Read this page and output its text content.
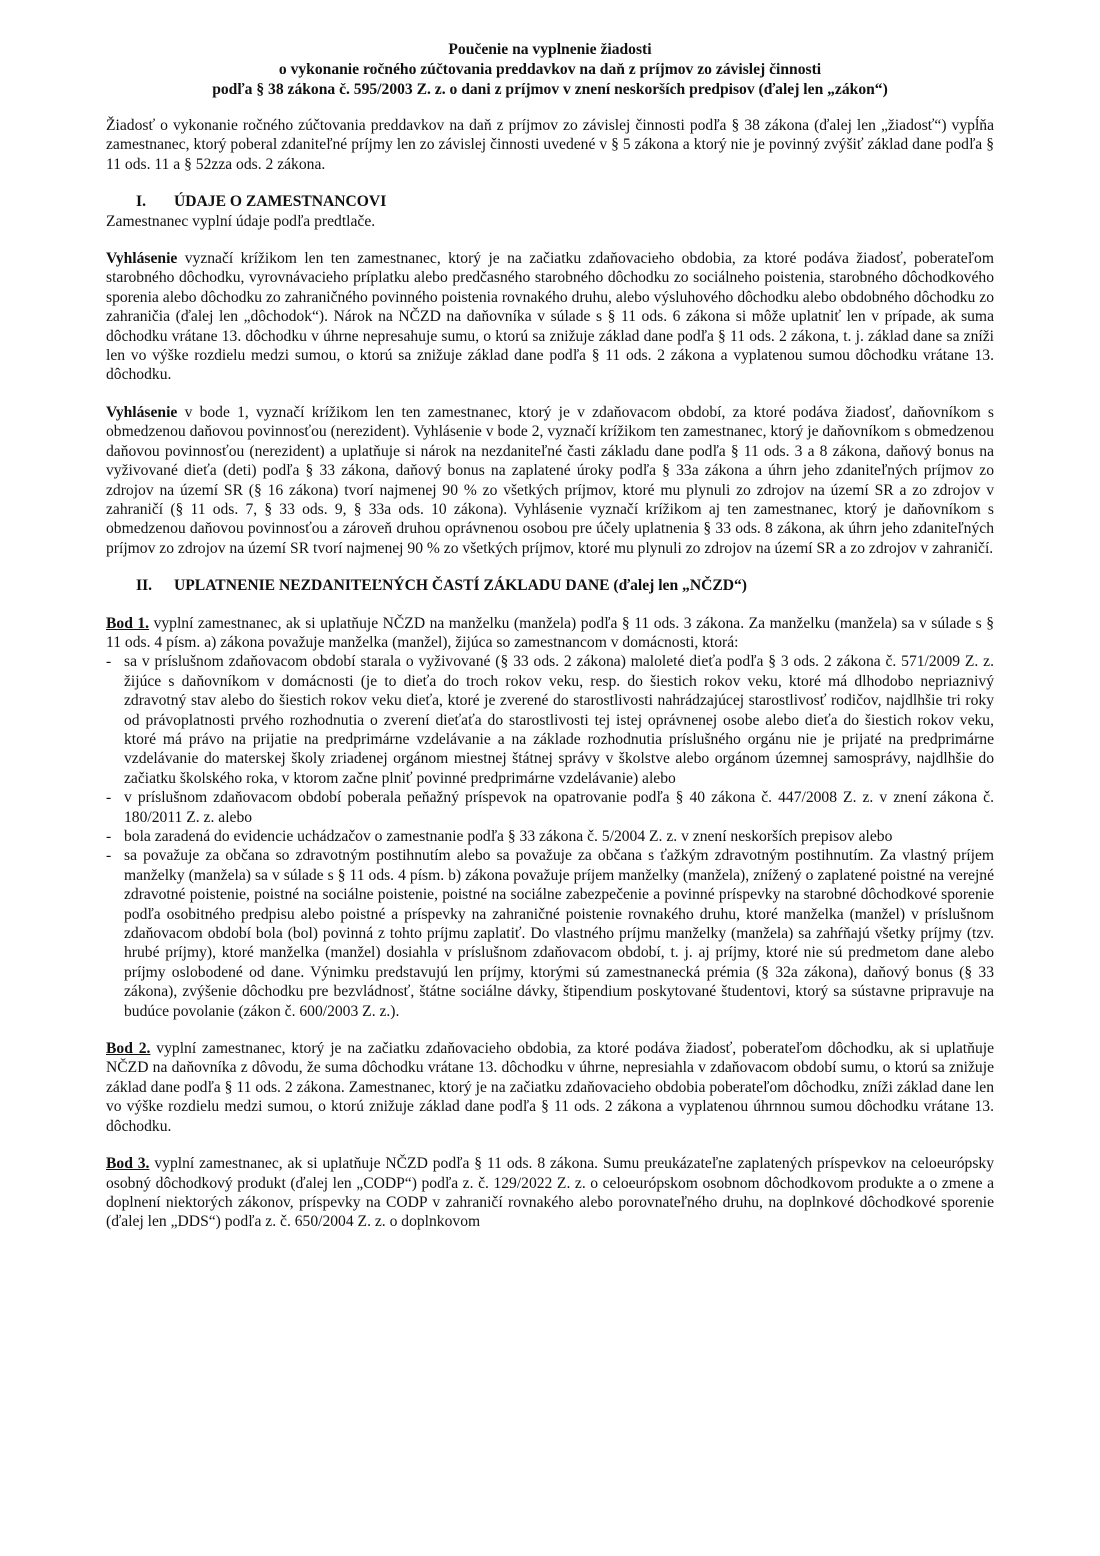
Poučenie na vyplnenie žiadosti
o vykonanie ročného zúčtovania preddavkov na daň z príjmov zo závislej činnosti
podľa § 38 zákona č. 595/2003 Z. z. o dani z príjmov v znení neskorších predpisov (ďalej len „zákon“)

Žiadosť o vykonanie ročného zúčtovania preddavkov na daň z príjmov zo závislej činnosti podľa § 38 zákona (ďalej len „žiadosť“) vypĺňa zamestnanec, ktorý poberal zdaniteľné príjmy len zo závislej činnosti uvedené v § 5 zákona a ktorý nie je povinný zvýšiť základ dane podľa § 11 ods. 11 a § 52zza ods. 2 zákona.

I.	ÚDAJE O ZAMESTNANCOVI

Zamestnanec vyplní údaje podľa predtlače.

Vyhlásenie vyznačí krížikom len ten zamestnanec, ktorý je na začiatku zdaňovacieho obdobia, za ktoré podáva žiadosť, poberateľom starobného dôchodku, vyrovnávacieho príplatku alebo predčasného starobného dôchodku zo sociálneho poistenia, starobného dôchodkového sporenia alebo dôchodku zo zahraničného povinného poistenia rovnakého druhu, alebo výsluhového dôchodku alebo obdobného dôchodku zo zahraničia (ďalej len „dôchodok“). Nárok na NČZD na daňovníka v súlade s § 11 ods. 6 zákona si môže uplatniť len v prípade, ak suma dôchodku vrátane 13. dôchodku v úhrne nepresahuje sumu, o ktorú sa znižuje základ dane podľa § 11 ods. 2 zákona, t. j. základ dane sa zníži len vo výške rozdielu medzi sumou, o ktorú sa znižuje základ dane podľa § 11 ods. 2 zákona a vyplatenou sumou dôchodku vrátane 13. dôchodku.

Vyhlásenie v bode 1, vyznačí krížikom len ten zamestnanec, ktorý je v zdaňovacom období, za ktoré podáva žiadosť, daňovníkom s obmedzenou daňovou povinnosťou (nerezident). Vyhlásenie v bode 2, vyznačí krížikom ten zamestnanec, ktorý je daňovníkom s obmedzenou daňovou povinnosťou (nerezident) a uplatňuje si nárok na nezdaniteľné časti základu dane podľa § 11 ods. 3 a 8 zákona, daňový bonus na vyživované dieťa (deti) podľa § 33 zákona, daňový bonus na zaplatené úroky podľa § 33a zákona a úhrn jeho zdaniteľných príjmov zo zdrojov na území SR (§ 16 zákona) tvorí najmenej 90 % zo všetkých príjmov, ktoré mu plynuli zo zdrojov na území SR a zo zdrojov v zahraničí (§ 11 ods. 7, § 33 ods. 9, § 33a ods. 10 zákona). Vyhlásenie vyznačí krížikom aj ten zamestnanec, ktorý je daňovníkom s obmedzenou daňovou povinnosťou a zároveň druhou oprávnenou osobou pre účely uplatnenia § 33 ods. 8 zákona, ak úhrn jeho zdaniteľných príjmov zo zdrojov na území SR tvorí najmenej 90 % zo všetkých príjmov, ktoré mu plynuli zo zdrojov na území SR a zo zdrojov v zahraničí.

II.	UPLATNENIE NEZDANITEĽNÝCH ČASTÍ ZÁKLADU DANE (ďalej len „NČZD“)

Bod 1. vyplní zamestnanec, ak si uplatňuje NČZD na manželku (manžela) podľa § 11 ods. 3 zákona. Za manželku (manžela) sa v súlade s § 11 ods. 4 písm. a) zákona považuje manželka (manžel), žijúca so zamestnancom v domácnosti, ktorá:

- sa v príslušnom zdaňovacom období starala o vyživované (§ 33 ods. 2 zákona) maloleté dieťa podľa § 3 ods. 2 zákona č. 571/2009 Z. z. žijúce s daňovníkom v domácnosti (je to dieťa do troch rokov veku, resp. do šiestich rokov veku, ktoré má dlhodobo nepriaznivý zdravotný stav alebo do šiestich rokov veku dieťa, ktoré je zverené do starostlivosti nahrádzajúcej starostlivosť rodičov, najdlhšie tri roky od právoplatnosti prvého rozhodnutia o zverení dieťaťa do starostlivosti tej istej oprávnenej osobe alebo dieťa do šiestich rokov veku, ktoré má právo na prijatie na predprimárne vzdelávanie a na základe rozhodnutia príslušného orgánu nie je prijaté na predprimárne vzdelávanie do materskej školy zriadenej orgánom miestnej štátnej správy v školstve alebo orgánom územnej samosprávy, najdlhšie do začiatku školského roka, v ktorom začne plniť povinné predprimárne vzdelávanie) alebo
- v príslušnom zdaňovacom období poberala peňažný príspevok na opatrovanie podľa § 40 zákona č. 447/2008 Z. z. v znení zákona č. 180/2011 Z. z. alebo
- bola zaradená do evidencie uchádzačov o zamestnanie podľa § 33 zákona č. 5/2004 Z. z. v znení neskorších prepisov alebo
- sa považuje za občana so zdravotným postihnutím alebo sa považuje za občana s ťažkým zdravotným postihnutím. Za vlastný príjem manželky (manžela) sa v súlade s § 11 ods. 4 písm. b) zákona považuje príjem manželky (manžela), znížený o zaplatené poistné na verejné zdravotné poistenie, poistné na sociálne poistenie, poistné na sociálne zabezpečenie a povinné príspevky na starobné dôchodkové sporenie podľa osobitného predpisu alebo poistné a príspevky na zahraničné poistenie rovnakého druhu, ktoré manželka (manžel) v príslušnom zdaňovacom období bola (bol) povinná z tohto príjmu zaplatiť. Do vlastného príjmu manželky (manžela) sa zahŕňajú všetky príjmy (tzv. hrubé príjmy), ktoré manželka (manžel) dosiahla v príslušnom zdaňovacom období, t. j. aj príjmy, ktoré nie sú predmetom dane alebo príjmy oslobodené od dane. Výnimku predstavujú len príjmy, ktorými sú zamestnanecká prémia (§ 32a zákona), daňový bonus (§ 33 zákona), zvýšenie dôchodku pre bezvládnosť, štátne sociálne dávky, štipendium poskytované študentovi, ktorý sa sústavne pripravuje na budúce povolanie (zákon č. 600/2003 Z. z.).

Bod 2. vyplní zamestnanec, ktorý je na začiatku zdaňovacieho obdobia, za ktoré podáva žiadosť, poberateľom dôchodku, ak si uplatňuje NČZD na daňovníka z dôvodu, že suma dôchodku vrátane 13. dôchodku v úhrne, nepresiahla v zdaňovacom období sumu, o ktorú sa znižuje základ dane podľa § 11 ods. 2 zákona. Zamestnanec, ktorý je na začiatku zdaňovacieho obdobia poberateľom dôchodku, zníži základ dane len vo výške rozdielu medzi sumou, o ktorú znižuje základ dane podľa § 11 ods. 2 zákona a vyplatenou úhrnnou sumou dôchodku vrátane 13. dôchodku.

Bod 3. vyplní zamestnanec, ak si uplatňuje NČZD podľa § 11 ods. 8 zákona. Sumu preukázateľne zaplatených príspevkov na celoeurópsky osobný dôchodkový produkt (ďalej len „CODP“) podľa z. č. 129/2022 Z. z. o celoeurópskom osobnom dôchodkovom produkte a o zmene a doplnení niektorých zákonov, príspevky na CODP v zahraničí rovnakého alebo porovnateľného druhu, na doplnkové dôchodkové sporenie (ďalej len „DDS“) podľa z. č. 650/2004 Z. z. o doplnkovom
